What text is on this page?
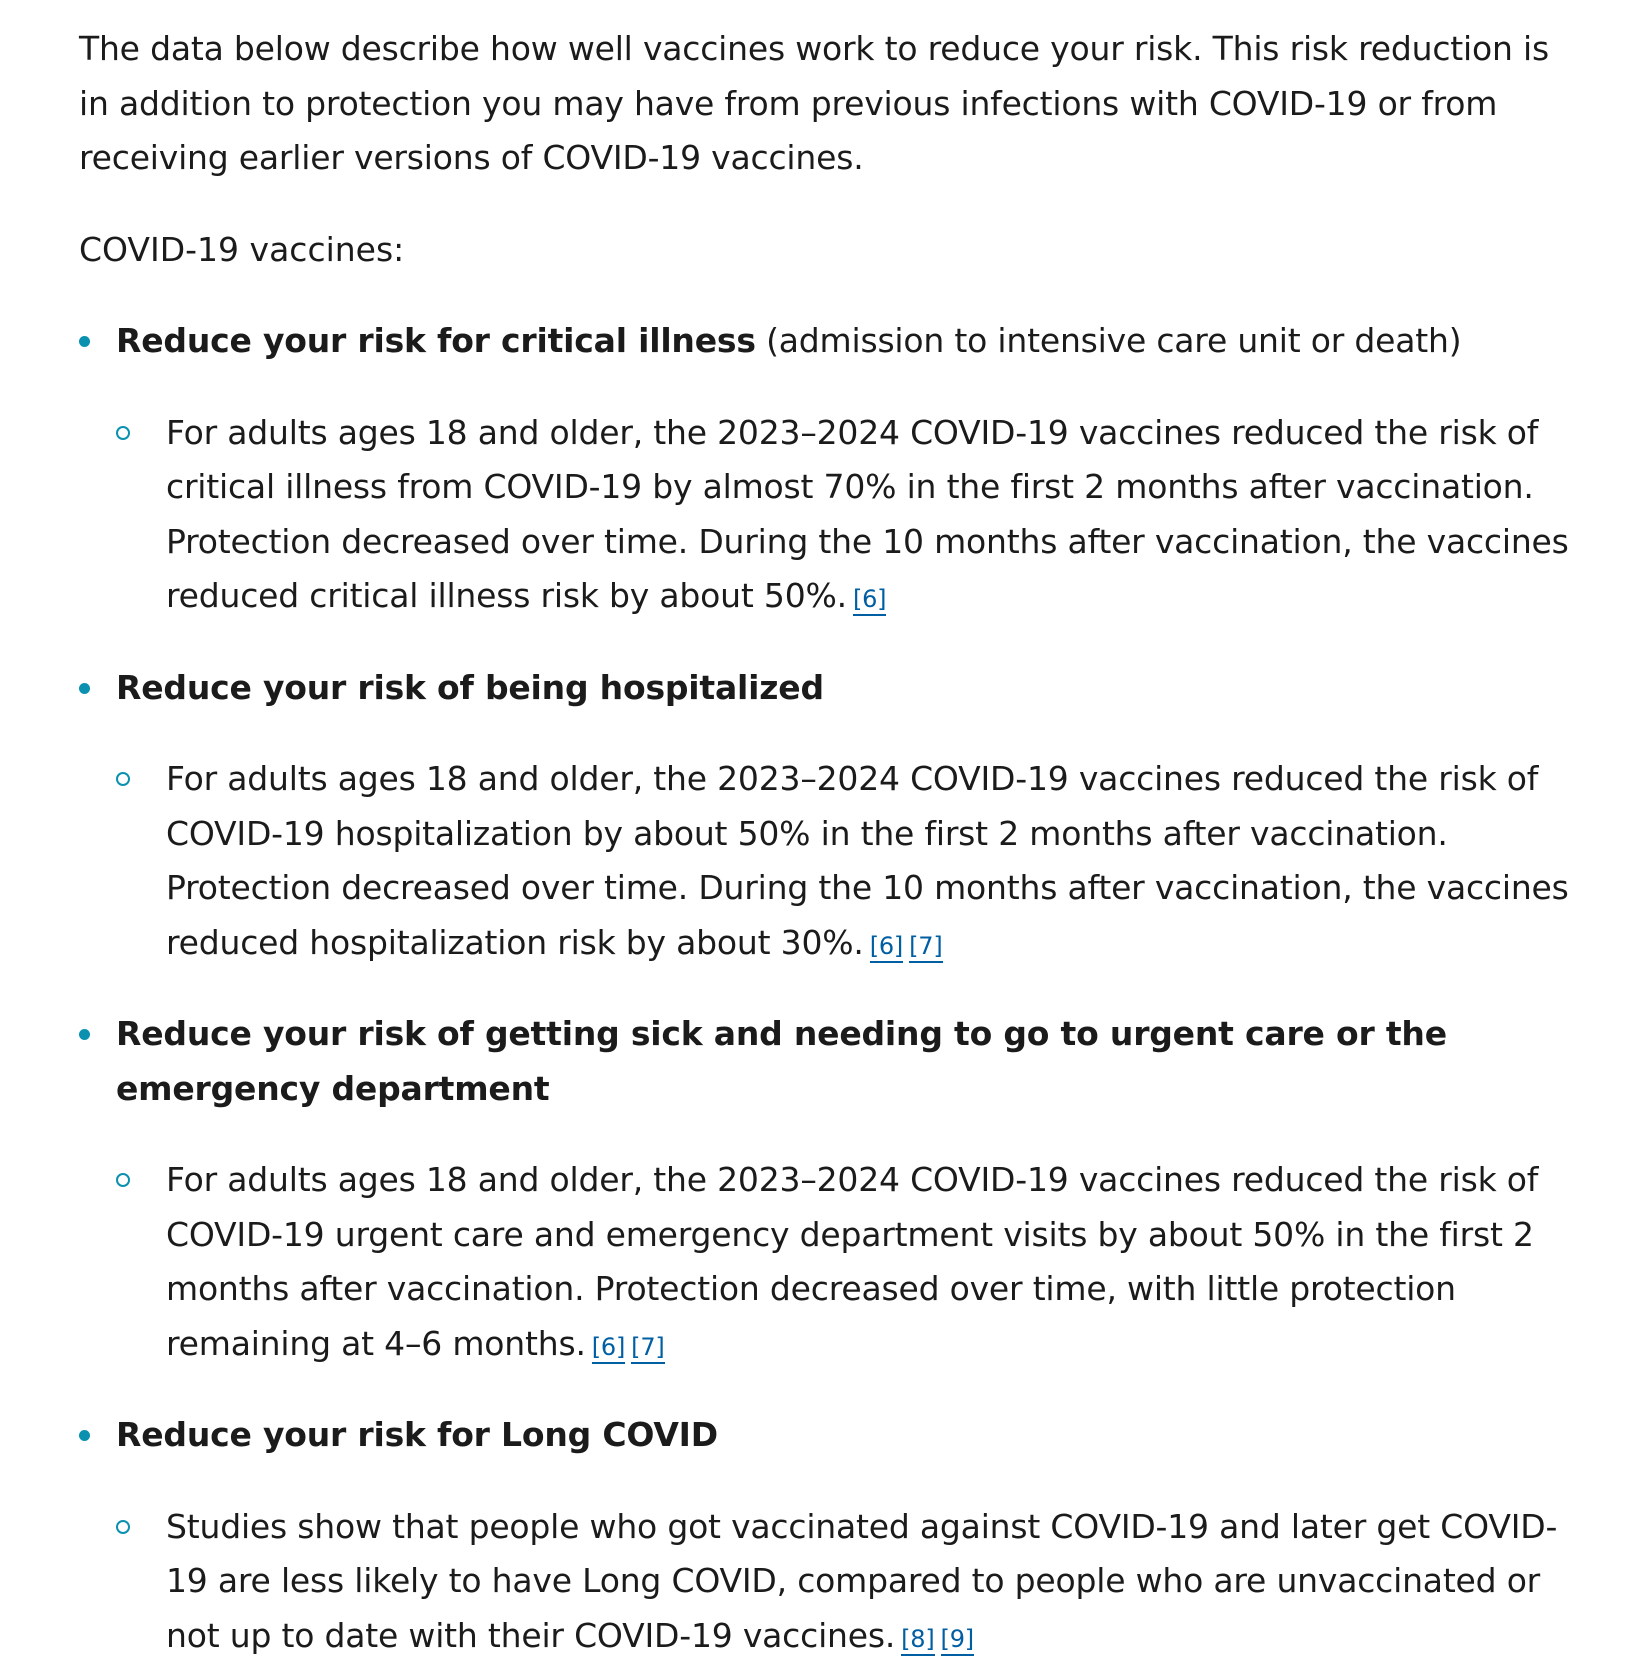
The data below describe how well vaccines work to reduce your risk. This risk reduction is in addition to protection you may have from previous infections with COVID-19 or from receiving earlier versions of COVID-19 vaccines.

COVID-19 vaccines:

Reduce your risk for critical illness (admission to intensive care unit or death)
For adults ages 18 and older, the 2023–2024 COVID-19 vaccines reduced the risk of critical illness from COVID-19 by almost 70% in the first 2 months after vaccination. Protection decreased over time. During the 10 months after vaccination, the vaccines reduced critical illness risk by about 50%. [6]
Reduce your risk of being hospitalized
For adults ages 18 and older, the 2023–2024 COVID-19 vaccines reduced the risk of COVID-19 hospitalization by about 50% in the first 2 months after vaccination. Protection decreased over time. During the 10 months after vaccination, the vaccines reduced hospitalization risk by about 30%. [6] [7]
Reduce your risk of getting sick and needing to go to urgent care or the emergency department
For adults ages 18 and older, the 2023–2024 COVID-19 vaccines reduced the risk of COVID-19 urgent care and emergency department visits by about 50% in the first 2 months after vaccination. Protection decreased over time, with little protection remaining at 4–6 months. [6] [7]
Reduce your risk for Long COVID
Studies show that people who got vaccinated against COVID-19 and later get COVID-19 are less likely to have Long COVID, compared to people who are unvaccinated or not up to date with their COVID-19 vaccines. [8] [9]
